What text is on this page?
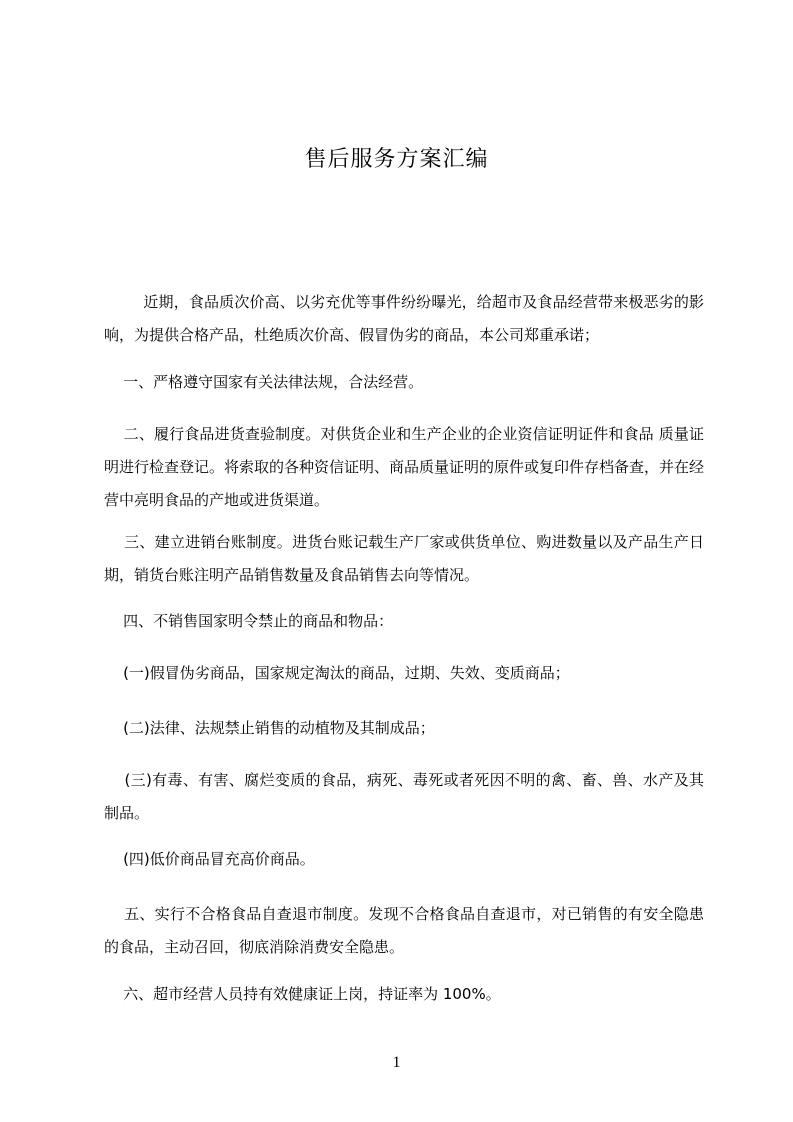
售后服务方案汇编
近期，食品质次价高、以劣充优等事件纷纷曝光，给超市及食品经营带来极恶劣的影响，为提供合格产品，杜绝质次价高、假冒伪劣的商品，本公司郑重承诺；
一、严格遵守国家有关法律法规，合法经营。
二、履行食品进货查验制度。对供货企业和生产企业的企业资信证明证件和食品 质量证明进行检查登记。将索取的各种资信证明、商品质量证明的原件或复印件存档备查，并在经营中亮明食品的产地或进货渠道。
三、建立进销台账制度。进货台账记载生产厂家或供货单位、购进数量以及产品生产日期，销货台账注明产品销售数量及食品销售去向等情况。
四、不销售国家明令禁止的商品和物品：
(一)假冒伪劣商品，国家规定淘汰的商品，过期、失效、变质商品；
(二)法律、法规禁止销售的动植物及其制成品；
(三)有毒、有害、腐烂变质的食品，病死、毒死或者死因不明的禽、畜、兽、水产及其制品。
(四)低价商品冒充高价商品。
五、实行不合格食品自查退市制度。发现不合格食品自查退市，对已销售的有安全隐患的食品，主动召回，彻底消除消费安全隐患。
六、超市经营人员持有效健康证上岗，持证率为 100%。
1
